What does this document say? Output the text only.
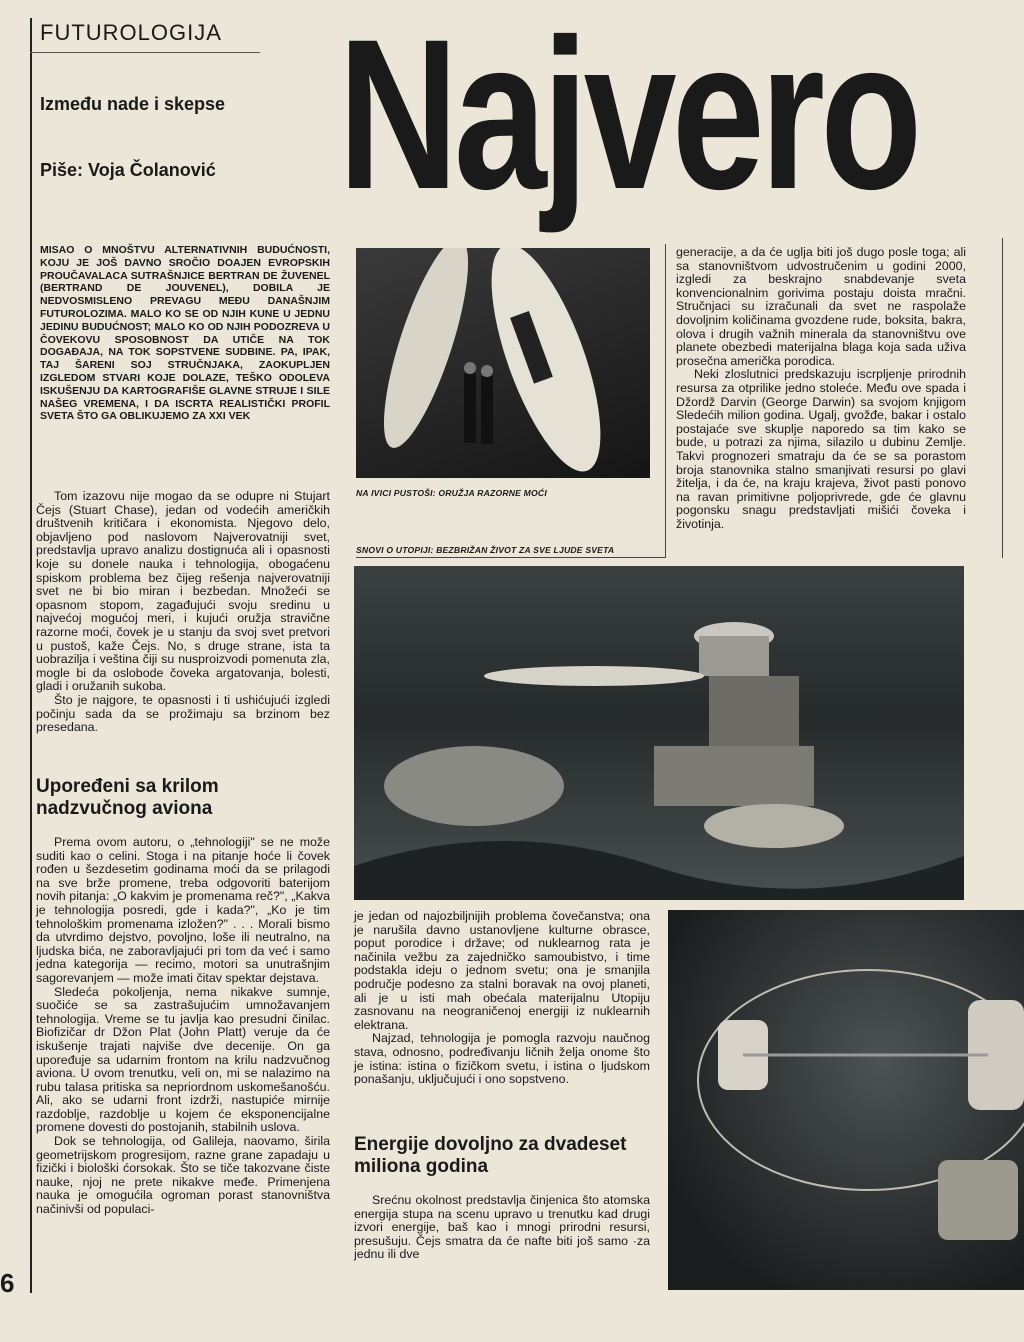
FUTUROLOGIJA
Između nade i skepse
Piše: Voja Čolanović Najvero
MISAO O MNOŠTVU ALTERNATIVNIH BUDUĆNOSTI, KOJU JE JOŠ DAVNO SROČIO DOAJEN EVROPSKIH PROUČAVALACA SUTRAŠNJICE BERTRAN DE ŽUVENEL (BERTRAND DE JOUVENEL), DOBILA JE NEDVOSMISLENO PREVAGU MEĐU DANAŠNJIM FUTUROLOZIMA. MALO KO SE OD NJIH KUNE U JEDNU JEDINU BUDUĆNOST; MALO KO OD NJIH PODOZREVA U ČOVEKOVU SPOSOBNOST DA UTIČE NA TOK DOGAĐAJA, NA TOK SOPSTVENE SUDBINE. PA, IPAK, TAJ ŠARENI SOJ STRUČNJAKA, ZAOKUPLJEN IZGLEDOM STVARI KOJE DOLAZE, TEŠKO ODOLEVA ISKUŠENJU DA KARTOGRAFIŠE GLAVNE STRUJE I SILE NAŠEG VREMENA, I DA ISCRTA REALISTIČKI PROFIL SVETA ŠTO GA OBLIKUJEMO ZA XXI VEK

Tom izazovu nije mogao da se odupre ni Stujart Čejs (Stuart Chase), jedan od vodećih američkih društvenih kritičara i ekonomista. Njegovo delo, objavljeno pod naslovom Najverovatniji svet, predstavlja upravo analizu dostignuća ali i opasnosti koje su donele nauka i tehnologija, obogaćenu spiskom problema bez čijeg rešenja najverovatniji svet ne bi bio miran i bezbedan. Množeći se opasnom stopom, zagađujući svoju sredinu u najvećoj mogućoj meri, i kujući oružja stravične razorne moći, čovek je u stanju da svoj svet pretvori u pustoš, kaže Čejs. No, s druge strane, ista ta uobrazilja i veština čiji su nusproizvodi pomenuta zla, mogle bi da oslobode čoveka argatovanja, bolesti, gladi i oružanih sukoba.

Što je najgore, te opasnosti i ti ushićujući izgledi počinju sada da se prožimaju sa brzinom bez presedana.

Upoređeni sa krilom nadzvučnog aviona

Prema ovom autoru, o „tehnologiji" se ne može suditi kao o celini. Stoga i na pitanje hoće li čovek rođen u šezdesetim godinama moći da se prilagodi na sve brže promene, treba odgovoriti baterijom novih pitanja: „O kakvim je promenama reč?", „Kakva je tehnologija posredi, gde i kada?", „Ko je tim tehnološkim promenama izložen?" . . . Morali bismo da utvrdimo dejstvo, povoljno, loše ili neutralno, na ljudska bića, ne zaboravljajući pri tom da već i samo jedna kategorija — recimo, motori sa unutrašnjim sagorevanjem — može imati čitav spektar dejstava.

Sledeća pokoljenja, nema nikakve sumnje, suočiće se sa zastrašujućim umnožavanjem tehnologija. Vreme se tu javlja kao presudni činilac. Biofizičar dr Džon Plat (John Platt) veruje da će iskušenje trajati najviše dve decenije. On ga upoređuje sa udarnim frontom na krilu nadzvučnog aviona. U ovom trenutku, veli on, mi se nalazimo na rubu talasa pritiska sa nepriordnom uskomešanošću. Ali, ako se udarni front izdrži, nastupiće mirnije razdoblje, razdoblje u kojem će eksponencijalne promene dovesti do postojanih, stabilnih uslova.

Dok se tehnologija, od Galileja, naovamo, širila geometrijskom progresijom, razne grane zapadaju u fizički i biološki ćorsokak. Što se tiče takozvane čiste nauke, njoj ne prete nikakve međe. Primenjena nauka je omogućila ogroman porast stanovništva načinivši od populaci-

NA IVICI PUSTOŠI: ORUŽJA RAZORNE MOĆI
SNOVI O UTOPIJI: BEZBRIŽAN ŽIVOT ZA SVE LJUDE SVETA

generacije, a da će uglja biti još dugo posle toga; ali sa stanovništvom udvostručenim u godini 2000, izgledi za beskrajno snabdevanje sveta konvencionalnim gorivima postaju doista mračni. Stručnjaci su izračunali da svet ne raspolaže dovoljnim količinama gvozdene rude, boksita, bakra, olova i drugih važnih minerala da stanovništvu ove planete obezbedi materijalna blaga koja sada uživa prosečna američka porodica.

Neki zloslutnici predskazuju iscrpljenje prirodnih resursa za otprilike jedno stoleće. Među ove spada i Džordž Darvin (George Darwin) sa svojom knjigom Sledećih milion godina. Ugalj, gvožđe, bakar i ostalo postajaće sve skuplje naporedo sa tim kako se bude, u potrazi za njima, silazilo u dubinu Zemlje. Takvi prognozeri smatraju da će se sa porastom broja stanovnika stalno smanjivati resursi po glavi žitelja, i da će, na kraju krajeva, život pasti ponovo na ravan primitivne poljoprivrede, gde će glavnu pogonsku snagu predstavljati mišići čoveka i životinja.

je jedan od najozbiljnijih problema čovečanstva; ona je narušila davno ustanovljene kulturne obrasce, poput porodice i države; od nuklearnog rata je načinila vežbu za zajedničko samoubistvo, i time podstakla ideju o jednom svetu; ona je smanjila područje podesno za stalni boravak na ovoj planeti, ali je u isti mah obećala materijalnu Utopiju zasnovanu na neograničenoj energiji iz nuklearnih elektrana.

Najzad, tehnologija je pomogla razvoju naučnog stava, odnosno, podređivanju ličnih želja onome što je istina: istina o fizičkom svetu, i istina o ljudskom ponašanju, uključujući i ono sopstveno.

Energije dovoljno za dvadeset miliona godina

Srećnu okolnost predstavlja činjenica što atomska energija stupa na scenu upravo u trenutku kad drugi izvori energije, baš kao i mnogi prirodni resursi, presušuju. Čejs smatra da će nafte biti još samo ·za jednu ili dve

6
